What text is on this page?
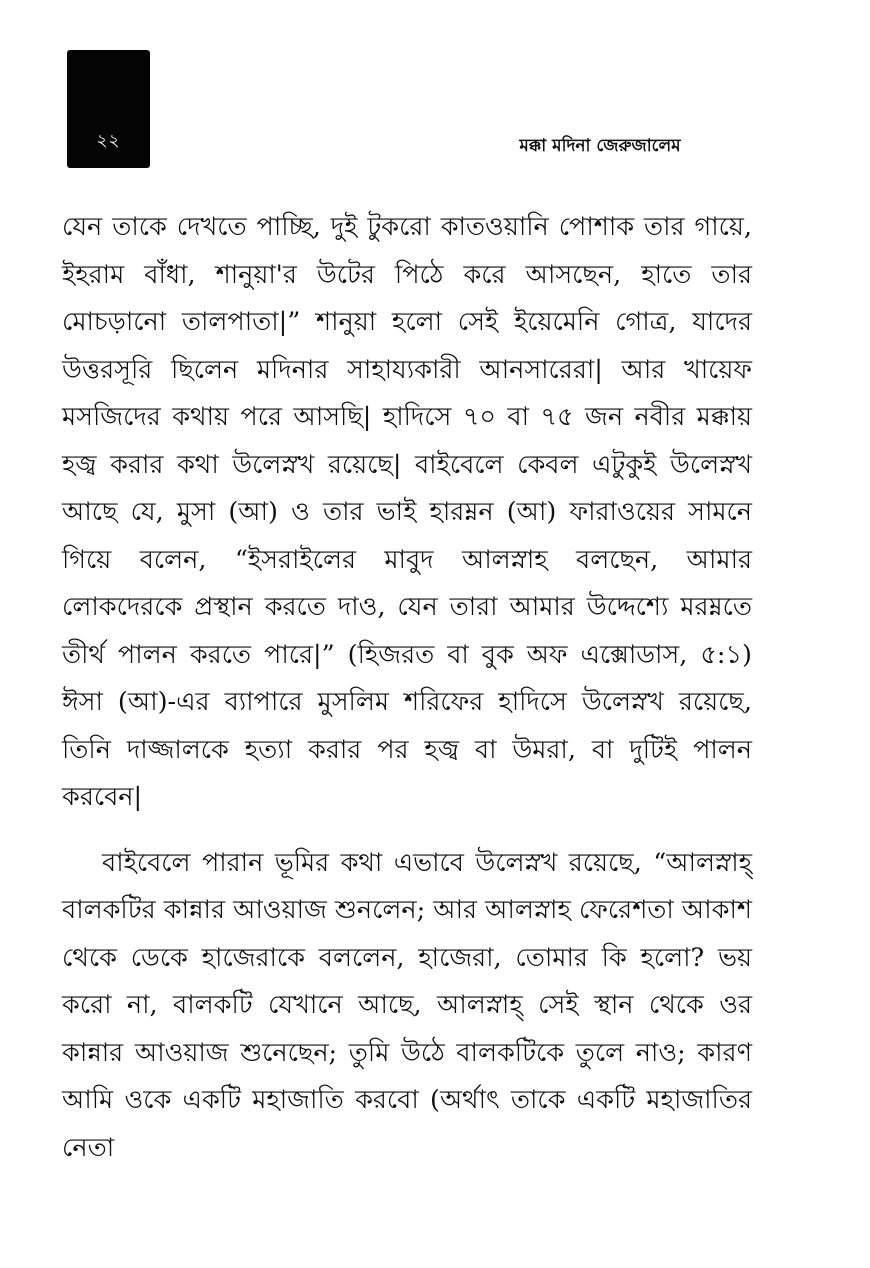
২২	মক্কা মদিনা জেরুজালেম

যেন তাকে দেখতে পাচ্ছি, দুই টুকরো কাতওয়ানি পোশাক তার গায়ে, ইহরাম বাঁধা, শানুয়া'র উটের পিঠে করে আসছেন, হাতে তার মোচড়ানো তালপাতা|” শানুয়া হলো সেই ইয়েমেনি গোত্র, যাদের উত্তরসূরি ছিলেন মদিনার সাহায্যকারী আনসারেরা| আর খায়েফ মসজিদের কথায় পরে আসছি| হাদিসে ৭০ বা ৭৫ জন নবীর মক্কায় হজ্ব করার কথা উলেস্নখ রয়েছে| বাইবেলে কেবল এটুকুই উলেস্নখ আছে যে, মুসা (আ) ও তার ভাই হারম্নন (আ) ফারাওয়ের সামনে গিয়ে বলেন, “ইসরাইলের মাবুদ আলস্নাহ বলছেন, আমার লোকদেরকে প্রস্থান করতে দাও, যেন তারা আমার উদ্দেশ্যে মরম্নতে তীর্থ পালন করতে পারে|” (হিজরত বা বুক অফ এক্সোডাস, ৫:১) ঈসা (আ)-এর ব্যাপারে মুসলিম শরিফের হাদিসে উলেস্নখ রয়েছে, তিনি দাজ্জালকে হত্যা করার পর হজ্ব বা উমরা, বা দুটিই পালন করবেন|

বাইবেলে পারান ভূমির কথা এভাবে উলেস্নখ রয়েছে, “আলস্নাহ্ বালকটির কান্নার আওয়াজ শুনলেন; আর আলস্নাহ ফেরেশতা আকাশ থেকে ডেকে হাজেরাকে বললেন, হাজেরা, তোমার কি হলো? ভয় করো না, বালকটি যেখানে আছে, আলস্নাহ্ সেই স্থান থেকে ওর কান্নার আওয়াজ শুনেছেন; তুমি উঠে বালকটিকে তুলে নাও; কারণ আমি ওকে একটি মহাজাতি করবো (অর্থাৎ তাকে একটি মহাজাতির নেতা
